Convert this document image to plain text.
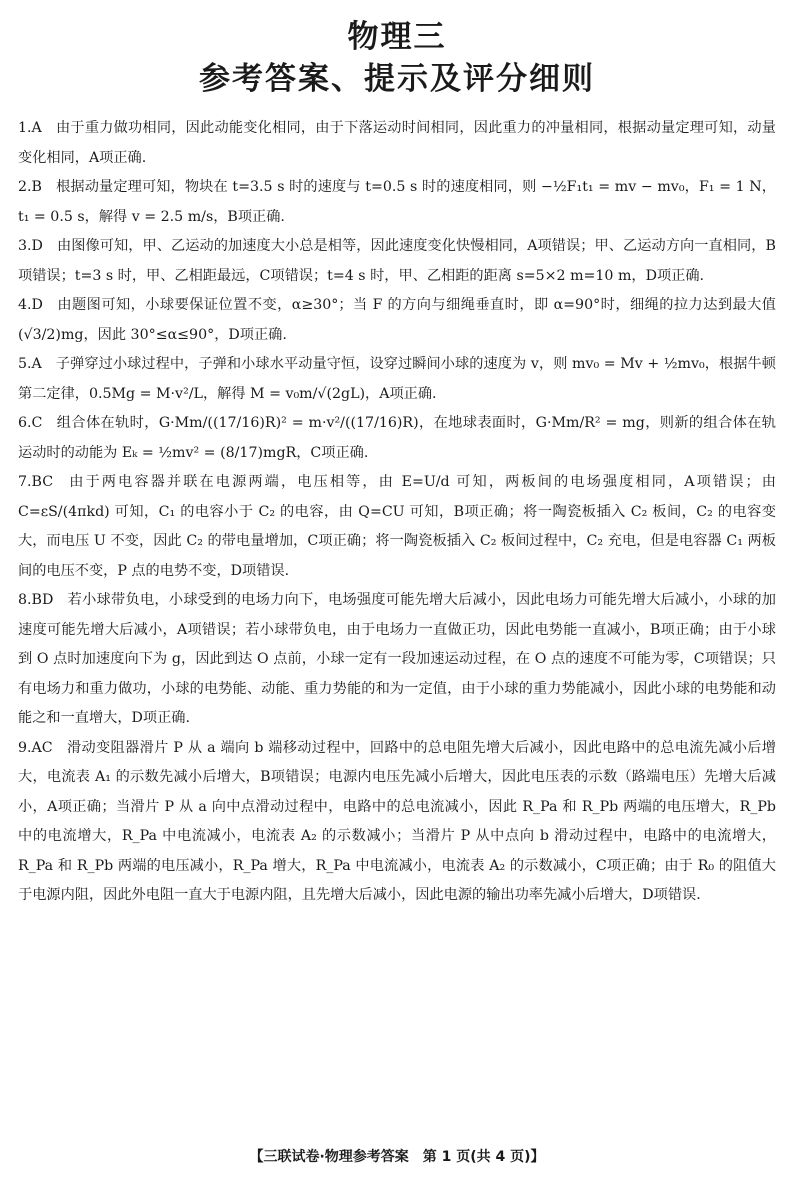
物理三
参考答案、提示及评分细则

1.A 由于重力做功相同，因此动能变化相同，由于下落运动时间相同，因此重力的冲量相同，根据动量定理可知，动量变化相同，A项正确.

2.B 根据动量定理可知，物块在 t=3.5 s 时的速度与 t=0.5 s 时的速度相同，则 −½F₁t₁ = mv − mv₀，F₁ = 1 N，t₁ = 0.5 s，解得 v = 2.5 m/s，B项正确.

3.D 由图像可知，甲、乙运动的加速度大小总是相等，因此速度变化快慢相同，A项错误；甲、乙运动方向一直相同，B项错误；t=3 s 时，甲、乙相距最远，C项错误；t=4 s 时，甲、乙相距的距离 s=5×2 m=10 m，D项正确.

4.D 由题图可知，小球要保证位置不变，α≥30°；当 F 的方向与细绳垂直时，即 α=90°时，细绳的拉力达到最大值 (√3/2)mg，因此 30°≤α≤90°，D项正确.

5.A 子弹穿过小球过程中，子弹和小球水平动量守恒，设穿过瞬间小球的速度为 v，则 mv₀ = Mv + ½mv₀，根据牛顿第二定律，0.5Mg = M·v²/L，解得 M = v₀m/√(2gL)，A项正确.

6.C 组合体在轨时，G·Mm/((17/16)R)² = m·v²/((17/16)R)，在地球表面时，G·Mm/R² = mg，则新的组合体在轨运动时的动能为 Eₖ = ½mv² = (8/17)mgR，C项正确.

7.BC 由于两电容器并联在电源两端，电压相等，由 E=U/d 可知，两板间的电场强度相同，A项错误；由 C=εS/(4πkd) 可知，C₁ 的电容小于 C₂ 的电容，由 Q=CU 可知，B项正确；将一陶瓷板插入 C₂ 板间，C₂ 的电容变大，而电压 U 不变，因此 C₂ 的带电量增加，C项正确；将一陶瓷板插入 C₂ 板间过程中，C₂ 充电，但是电容器 C₁ 两板间的电压不变，P 点的电势不变，D项错误.

8.BD 若小球带负电，小球受到的电场力向下，电场强度可能先增大后减小，因此电场力可能先增大后减小，小球的加速度可能先增大后减小，A项错误；若小球带负电，由于电场力一直做正功，因此电势能一直减小，B项正确；由于小球到 O 点时加速度向下为 g，因此到达 O 点前，小球一定有一段加速运动过程，在 O 点的速度不可能为零，C项错误；只有电场力和重力做功，小球的电势能、动能、重力势能的和为一定值，由于小球的重力势能减小，因此小球的电势能和动能之和一直增大，D项正确.

9.AC 滑动变阻器滑片 P 从 a 端向 b 端移动过程中，回路中的总电阻先增大后减小，因此电路中的总电流先减小后增大，电流表 A₁ 的示数先减小后增大，B项错误；电源内电压先减小后增大，因此电压表的示数（路端电压）先增大后减小，A项正确；当滑片 P 从 a 向中点滑动过程中，电路中的总电流减小，因此 R_Pa 和 R_Pb 两端的电压增大，R_Pb 中的电流增大，R_Pa 中电流减小，电流表 A₂ 的示数减小；当滑片 P 从中点向 b 滑动过程中，电路中的电流增大，R_Pa 和 R_Pb 两端的电压减小，R_Pa 增大，R_Pa 中电流减小，电流表 A₂ 的示数减小，C项正确；由于 R₀ 的阻值大于电源内阻，因此外电阻一直大于电源内阻，且先增大后减小，因此电源的输出功率先减小后增大，D项错误.

【三联试卷·物理参考答案　第 1 页(共 4 页)】
